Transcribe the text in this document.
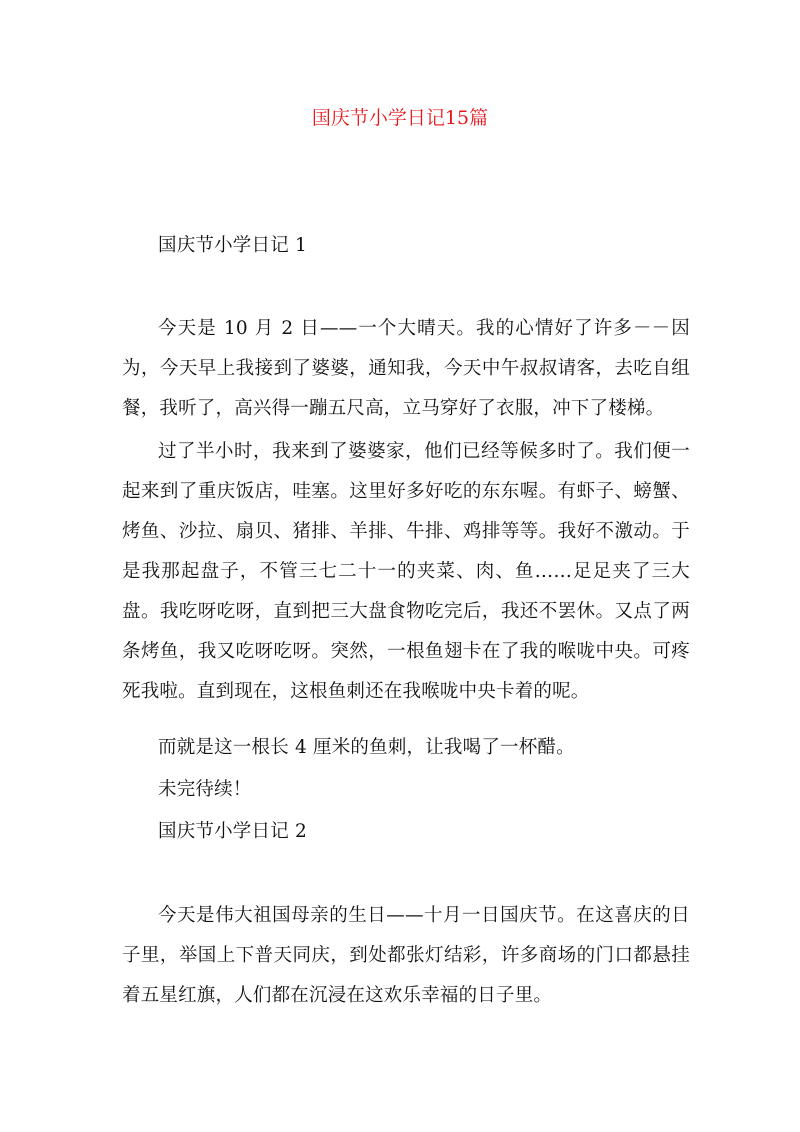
国庆节小学日记15篇

国庆节小学日记 1

今天是 10 月 2 日——一个大晴天。我的心情好了许多－－因为，今天早上我接到了婆婆，通知我，今天中午叔叔请客，去吃自组餐，我听了，高兴得一蹦五尺高，立马穿好了衣服，冲下了楼梯。

过了半小时，我来到了婆婆家，他们已经等候多时了。我们便一起来到了重庆饭店，哇塞。这里好多好吃的东东喔。有虾子、螃蟹、烤鱼、沙拉、扇贝、猪排、羊排、牛排、鸡排等等。我好不激动。于是我那起盘子，不管三七二十一的夹菜、肉、鱼……足足夹了三大盘。我吃呀吃呀，直到把三大盘食物吃完后，我还不罢休。又点了两条烤鱼，我又吃呀吃呀。突然，一根鱼翅卡在了我的喉咙中央。可疼死我啦。直到现在，这根鱼刺还在我喉咙中央卡着的呢。

而就是这一根长 4 厘米的鱼刺，让我喝了一杯醋。

未完待续！

国庆节小学日记 2

今天是伟大祖国母亲的生日——十月一日国庆节。在这喜庆的日子里，举国上下普天同庆，到处都张灯结彩，许多商场的门口都悬挂着五星红旗，人们都在沉浸在这欢乐幸福的日子里。
